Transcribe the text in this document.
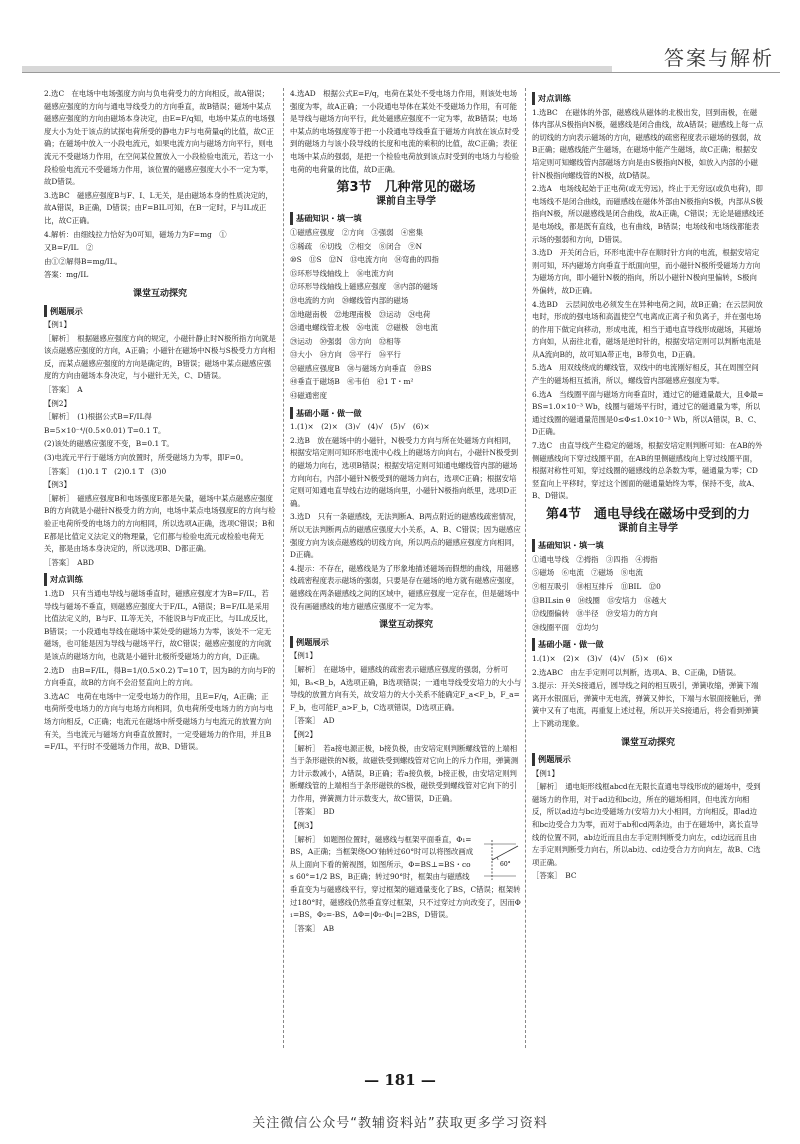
答案与解析
2.选C　在电场中电场强度方向与负电荷受力的方向相反，故A错误；磁感应强度的方向与通电导线受力的方向垂直，故B错误；磁场中某点磁感应强度的方向由磁场本身决定，由E=F/q知，电场中某点的电场强度大小为处于该点的试探电荷所受的静电力F与电荷量q的比值，故C正确；在磁场中放入一小段电流元，如果电流方向与磁场方向平行，则电流元不受磁场力作用，在空间某位置放入一小段检验电流元，若这一小段检验电流元不受磁场力作用，该位置的磁感应强度大小不一定为零，故D错误。
3.选BC　磁感应强度B与F、I、L无关，是由磁场本身的性质决定的，故A错误，B正确，D错误；由F=BIL可知，在B一定时，F与IL成正比，故C正确。
4.解析：由细线拉力恰好为0可知，磁场力为F=mg　①
又B=F/IL　②
由①②解得B=mg/IL。
答案：mg/IL
课堂互动探究
例题展示
【例1】
［解析］　根据磁感应强度方向的规定，小磁针静止时N极所指方向就是该点磁感应强度的方向，A正确；小磁针在磁场中N极与S极受力方向相反，而某点磁感应强度的方向是确定的，B错误；磁场中某点磁感应强度的方向由磁场本身决定，与小磁针无关，C、D错误。
［答案］　A
【例2】
［解析］　(1)根据公式B=F/IL得
B=5×10⁻⁴/(0.5×0.01) T=0.1 T。
(2)该处的磁感应强度不变，B=0.1 T。
(3)电流元平行于磁场方向放置时，所受磁场力为零，即F=0。
［答案］　(1)0.1 T　(2)0.1 T　(3)0
【例3】
［解析］　磁感应强度B和电场强度E都是矢量，磁场中某点磁感应强度B的方向就是小磁针N极受力的方向，电场中某点电场强度E的方向与检验正电荷所受的电场力的方向相同，所以选项A正确，选项C错误；B和E都是比值定义法定义的物理量，它们都与检验电流元或检验电荷无关，都是由场本身决定的，所以选项B、D都正确。
［答案］　ABD
对点训练
1.选D　只有当通电导线与磁场垂直时，磁感应强度才为B=F/IL，若导线与磁场不垂直，则磁感应强度大于F/IL，A错误；B=F/IL是采用比值法定义的，B与F、IL等无关，不能说B与F成正比，与IL成反比，B错误；一小段通电导线在磁场中某处受的磁场力为零，该处不一定无磁场，也可能是因为导线与磁场平行，故C错误；磁感应强度的方向就是该点的磁场方向，也就是小磁针北极所受磁场力的方向，D正确。
2.选D　由B=F/IL，得B=1/(0.5×0.2) T=10 T，因为B的方向与F的方向垂直，故B的方向不会沿竖直向上的方向。
3.选AC　电荷在电场中一定受电场力的作用，且E=F/q，A正确；正电荷所受电场力的方向与电场方向相同，负电荷所受电场力的方向与电场方向相反，C正确；电流元在磁场中所受磁场力与电流元的放置方向有关，当电流元与磁场方向垂直放置时，一定受磁场力的作用，并且B=F/IL，平行时不受磁场力作用，故B、D错误。
4.选AD　根据公式E=F/q，电荷在某处不受电场力作用，则该处电场强度为零，故A正确；一小段通电导体在某处不受磁场力作用，有可能是导线与磁场方向平行，此处磁感应强度不一定为零，故B错误；电场中某点的电场强度等于把一小段通电导线垂直于磁场方向放在该点时受到的磁场力与该小段导线的长度和电流的乘积的比值，故C正确；表征电场中某点的强弱，是把一个检验电荷放到该点时受到的电场力与检验电荷的电荷量的比值，故D正确。
第3节　几种常见的磁场
课前自主导学
基础知识・填一填
①磁感应强度　②方向　③强弱　④密集
⑤稀疏　⑥切线　⑦相交　⑧闭合　⑨N
⑩S　⑪S　⑫N　⑬电流方向　⑭弯曲的四指
⑮环形导线轴线上　⑯电流方向
⑰环形导线轴线上磁感应强度　⑱内部的磁场
⑲电流的方向　⑳螺线管内部的磁场
㉑地磁南极　㉒地理南极　㉓运动　㉔电荷
㉕通电螺线管北极　㉖电流　㉗磁极　㉘电流
㉙运动　㉚强弱　㉛方向　㉜相等
㉝大小　㉞方向　㉟平行　㊱平行
㊲磁感应强度B　㊳与磁场方向垂直　㊴BS
㊵垂直于磁场B　㊶韦伯　㊷1 T・m²
㊸磁通密度
基础小题・做一做
1.(1)×　(2)×　(3)√　(4)√　(5)√　(6)×
2.选B　放在磁场中的小磁针，N极受力方向与所在处磁场方向相同，根据安培定则可知环形电流中心线上的磁场方向向右，小磁针N极受到的磁场力向右，选项B错误；根据安培定则可知通电螺线管内部的磁场方向向右，内部小磁针N极受到的磁场力向右，选项C正确；根据安培定则可知通电直导线右边的磁场向里，小磁针N极指向纸里，选项D正确。
3.选D　只有一条磁感线，无法判断A、B两点附近的磁感线疏密情况，所以无法判断两点的磁感应强度大小关系，A、B、C错误；因为磁感应强度方向为该点磁感线的切线方向，所以两点的磁感应强度方向相同，D正确。
4.提示：不存在，磁感线是为了形象地描述磁场而假想的曲线，用磁感线疏密程度表示磁场的强弱，只要是存在磁场的地方就有磁感应强度，磁感线在两条磁感线之间的区域中，磁感应强度一定存在，但是磁场中没有画磁感线的地方磁感应强度不一定为零。
课堂互动探究
例题展示
【例1】
［解析］　在磁场中，磁感线的疏密表示磁感应强度的强弱，分析可知，Bₐ<B_b，A选项正确，B选项错误；一通电导线受安培力的大小与导线的放置方向有关，故安培力的大小关系不能确定F_a<F_b，F_a=F_b，也可能F_a>F_b，C选项错误，D选项正确。
［答案］　AD
【例2】
［解析］　若a接电源正极，b接负极，由安培定则判断螺线管的上端相当于条形磁铁的N极，故磁铁受到螺线管对它向上的斥力作用，弹簧测力计示数减小，A错误，B正确；若a接负极，b接正极，由安培定则判断螺线管的上端相当于条形磁铁的S极，磁铁受到螺线管对它向下的引力作用，弹簧测力计示数变大，故C错误，D正确。
［答案］　BD
【例3】
60°
［解析］　如题图位置时，磁感线与框架平面垂直，Φ₁=BS，A正确；当框架绕OO′轴转过60°时可以将图改画成从上面向下看的俯视图，如图所示，Φ=BS⊥=BS・cos 60°=1/2 BS，B正确；转过90°时，框架由与磁感线垂直变为与磁感线平行，穿过框架的磁通量变化了BS，C错误；框架转过180°时，磁感线仍然垂直穿过框架，只不过穿过方向改变了，因而Φ₁=BS，Φ₂=-BS，ΔΦ=|Φ₂-Φ₁|=2BS，D错误。
［答案］　AB
对点训练
1.选BC　在磁体的外部，磁感线从磁体的北极出发，回到南极，在磁体内部从S极指向N极，磁感线是闭合曲线，故A错误；磁感线上每一点的切线的方向表示磁场的方向，磁感线的疏密程度表示磁场的强弱，故B正确；磁感线能产生磁场，在磁场中能产生磁场，故C正确；根据安培定则可知螺线管内部磁场方向是由S极指向N极，如放入内部的小磁针N极指向螺线管的N极，故D错误。
2.选A　电场线起始于正电荷(或无穷远)，终止于无穷远(或负电荷)，即电场线不是闭合曲线，而磁感线在磁体外部由N极指向S极，内部从S极指向N极，所以磁感线是闭合曲线，故A正确，C错误；无论是磁感线还是电场线，都是既有直线，也有曲线，B错误；电场线和电场线都能表示场的强弱和方向，D错误。
3.选D　开关闭合后，环形电流中存在顺时针方向的电流，根据安培定则可知，环内磁场方向垂直于纸面向里，而小磁针N极所受磁场力方向为磁场方向，即小磁针N极的指向，所以小磁针N极向里偏转，S极向外偏转，故D正确。
4.选BD　云层间放电必须发生在异种电荷之间，故B正确；在云层间放电时，形成的强电场和高温使空气电离成正离子和负离子，并在强电场的作用下做定向移动，形成电流，相当于通电直导线形成磁场，其磁场方向如，从南往北看，磁场是逆时针的，根据安培定则可以判断电流是从A流向B的，故可知A带正电，B带负电，D正确。
5.选A　用双线绕成的螺线管，双线中的电流刚好相反，其在周围空间产生的磁场相互抵消，所以，螺线管内部磁感应强度为零。
6.选A　当线圈平面与磁场方向垂直时，通过它的磁通量最大，且Φ最=BS=1.0×10⁻³ Wb，线圈与磁场平行时，通过它的磁通量为零，所以通过线圈的磁通量范围是0≤Φ≤1.0×10⁻³ Wb，所以A错误，B、C、D正确。
7.选C　由直导线产生稳定的磁场，根据安培定则判断可知：在AB的外侧磁感线向下穿过线圈平面，在AB的里侧磁感线向上穿过线圈平面，根据对称性可知，穿过线圈的磁感线的总条数为零，磁通量为零；CD竖直向上平移时，穿过这个圆面的磁通量始终为零，保持不变，故A、B、D错误。
第4节　通电导线在磁场中受到的力
课前自主导学
基础知识・填一填
①通电导线　②拇指　③四指　④拇指
⑤磁场　⑥电流　⑦磁场　⑧电流
⑨相互吸引　⑩相互排斥　⑪BIL　⑫0
⑬BILsin θ　⑭线圈　⑮安培力　⑯越大
⑰线圈偏转　⑱半径　⑲安培力的方向
⑳线圈平面　㉑均匀
基础小题・做一做
1.(1)×　(2)×　(3)√　(4)√　(5)×　(6)×
2.选ABC　由左手定则可以判断，选项A、B、C正确，D错误。
3.提示：开关S接通后，圆导线之间的相互吸引，弹簧收缩，弹簧下端离开水银面后，弹簧中无电流，弹簧又伸长，下端与水银面接触后，弹簧中又有了电流，再重复上述过程，所以开关S接通后，将会看到弹簧上下跳动现象。
课堂互动探究
例题展示
【例1】
［解析］　通电矩形线框abcd在无限长直通电导线形成的磁场中，受到磁场力的作用，对于ad边和bc边，所在的磁场相同，但电流方向相反，所以ad边与bc边受磁场力(安培力)大小相同，方向相反，即ad边和bc边受合力为零，而对于ab和cd两条边，由于在磁场中，离长直导线的位置不同，ab边近而且由左手定则判断受力向左，cd边远而且由左手定则判断受力向右，所以ab边、cd边受合力方向向左，故B、C选项正确。
［答案］　BC
— 181 —
关注微信公众号“教辅资料站”获取更多学习资料
